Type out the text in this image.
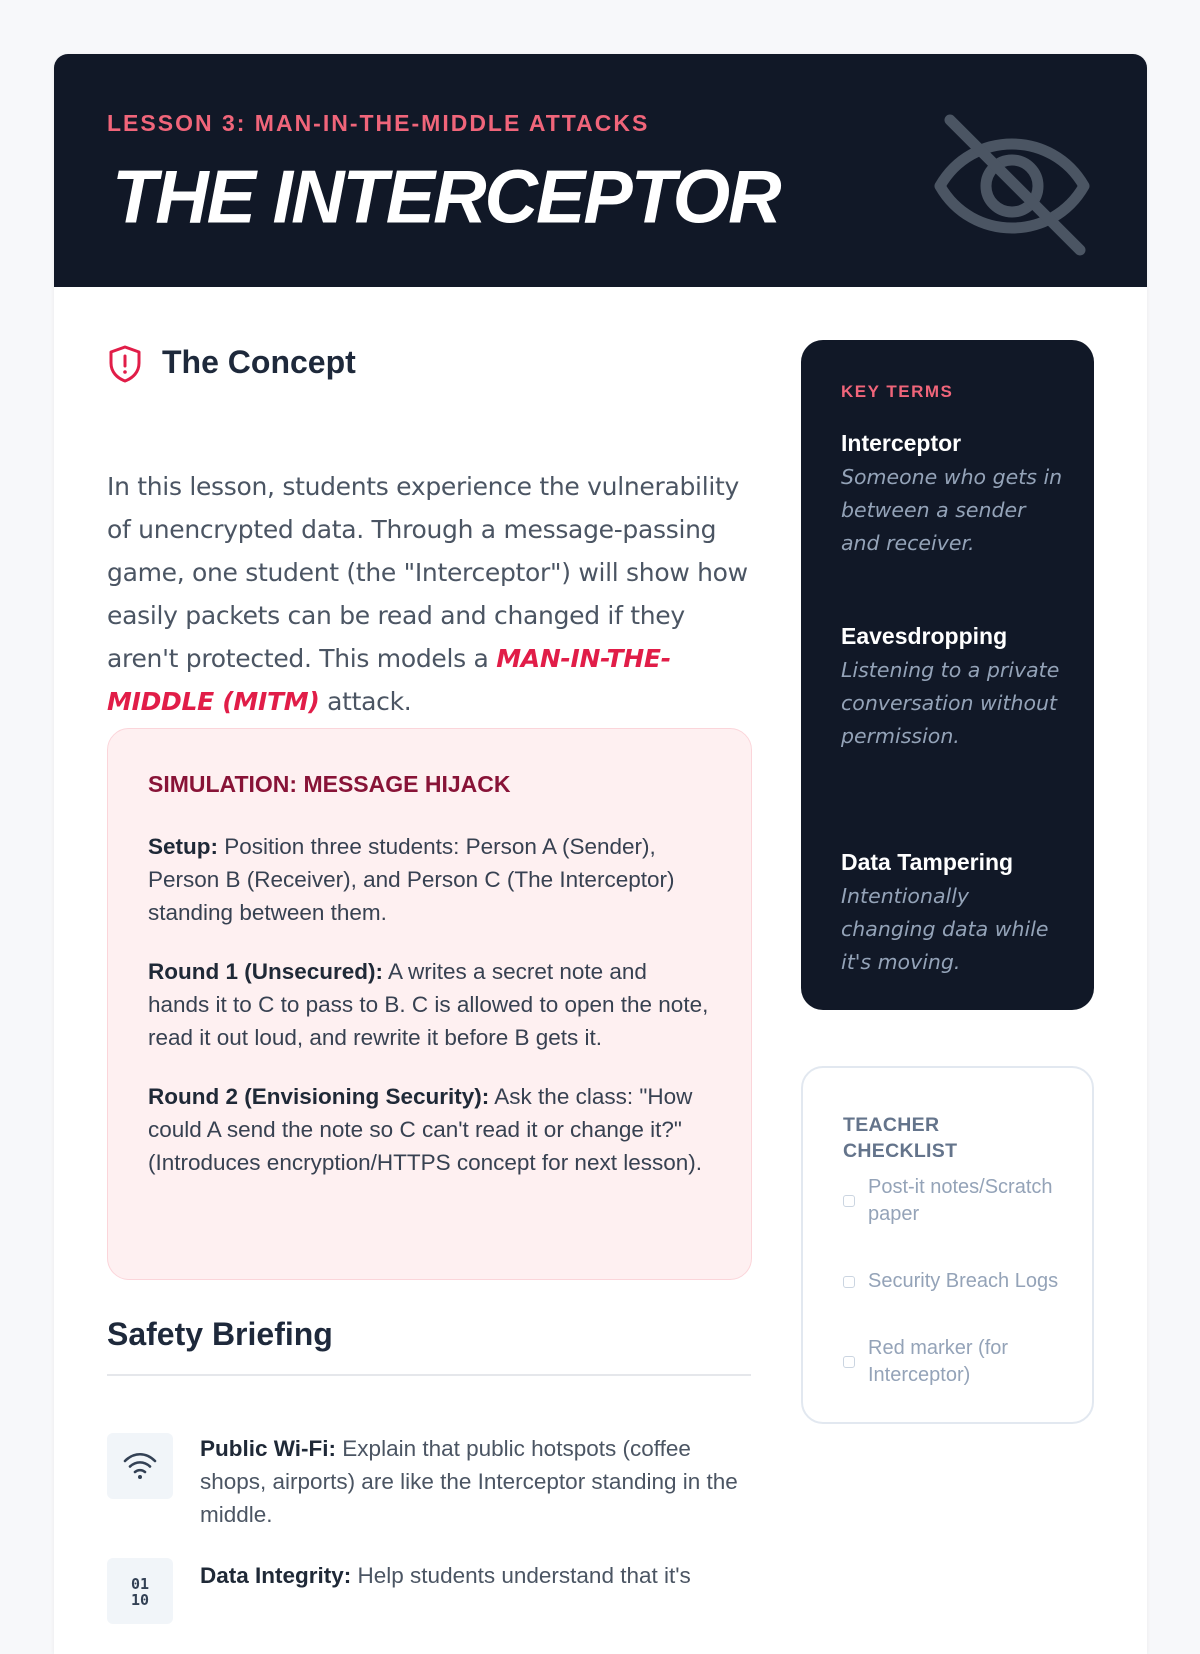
LESSON 3: MAN-IN-THE-MIDDLE ATTACKS
THE INTERCEPTOR
The Concept

In this lesson, students experience the vulnerability of unencrypted data. Through a message-passing game, one student (the "Interceptor") will show how easily packets can be read and changed if they aren't protected. This models a MAN-IN-THE-MIDDLE (MITM) attack.

SIMULATION: MESSAGE HIJACK

Setup: Position three students: Person A (Sender), Person B (Receiver), and Person C (The Interceptor) standing between them.

Round 1 (Unsecured): A writes a secret note and hands it to C to pass to B. C is allowed to open the note, read it out loud, and rewrite it before B gets it.

Round 2 (Envisioning Security): Ask the class: "How could A send the note so C can't read it or change it?" (Introduces encryption/HTTPS concept for next lesson).

Safety Briefing

Public Wi-Fi: Explain that public hotspots (coffee shops, airports) are like the Interceptor standing in the middle.

01
10

Data Integrity: Help students understand that it's

KEY TERMS
Interceptor
Someone who gets in between a sender and receiver.
Eavesdropping
Listening to a private conversation without permission.
Data Tampering
Intentionally changing data while it's moving.
TEACHER CHECKLIST
Post-it notes/Scratch paper
Security Breach Logs
Red marker (for Interceptor)
